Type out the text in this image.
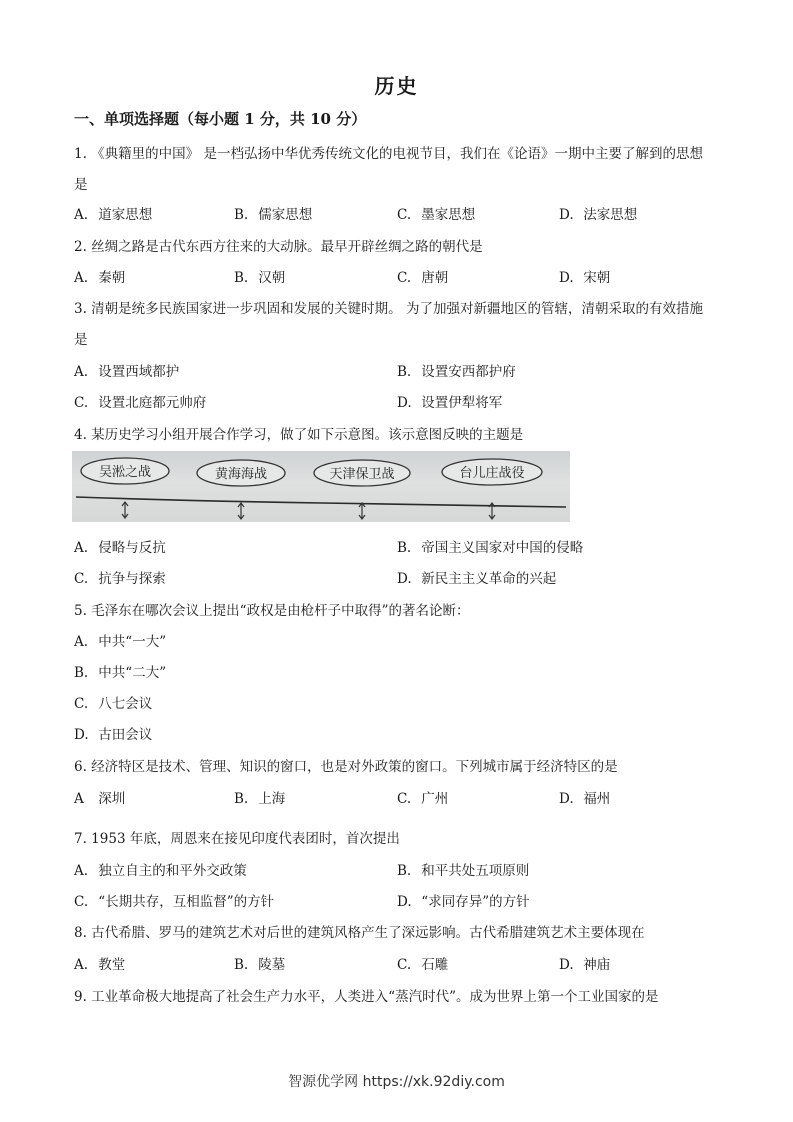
历史
一、单项选择题（每小题 1 分，共 10 分）
1. 《典籍里的中国》 是一档弘扬中华优秀传统文化的电视节目，我们在《论语》一期中主要了解到的思想
是
A. 道家思想	B. 儒家思想	C. 墨家思想	D. 法家思想
2. 丝绸之路是古代东西方往来的大动脉。最早开辟丝绸之路的朝代是
A. 秦朝	B. 汉朝	C. 唐朝	D. 宋朝
3. 清朝是统多民族国家进一步巩固和发展的关键时期。 为了加强对新疆地区的管辖，清朝采取的有效措施
是
A. 设置西域都护	B. 设置安西都护府
C. 设置北庭都元帅府	D. 设置伊犁将军
4. 某历史学习小组开展合作学习，做了如下示意图。该示意图反映的主题是
吴淞之战	黄海海战	天津保卫战	台儿庄战役
A. 侵略与反抗	B. 帝国主义国家对中国的侵略
C. 抗争与探索	D. 新民主主义革命的兴起
5. 毛泽东在哪次会议上提出“政权是由枪杆子中取得”的著名论断：
A. 中共“一大”
B. 中共“二大”
C. 八七会议
D. 古田会议
6. 经济特区是技术、管理、知识的窗口，也是对外政策的窗口。下列城市属于经济特区的是
A 深圳	B. 上海	C. 广州	D. 福州
7. 1953 年底，周恩来在接见印度代表团时，首次提出
A. 独立自主的和平外交政策	B. 和平共处五项原则
C. “长期共存，互相监督”的方针	D. “求同存异”的方针
8. 古代希腊、罗马的建筑艺术对后世的建筑风格产生了深远影响。古代希腊建筑艺术主要体现在
A. 教堂	B. 陵墓	C. 石雕	D. 神庙
9. 工业革命极大地提高了社会生产力水平，人类进入“蒸汽时代”。成为世界上第一个工业国家的是
智源优学网 https://xk.92diy.com
